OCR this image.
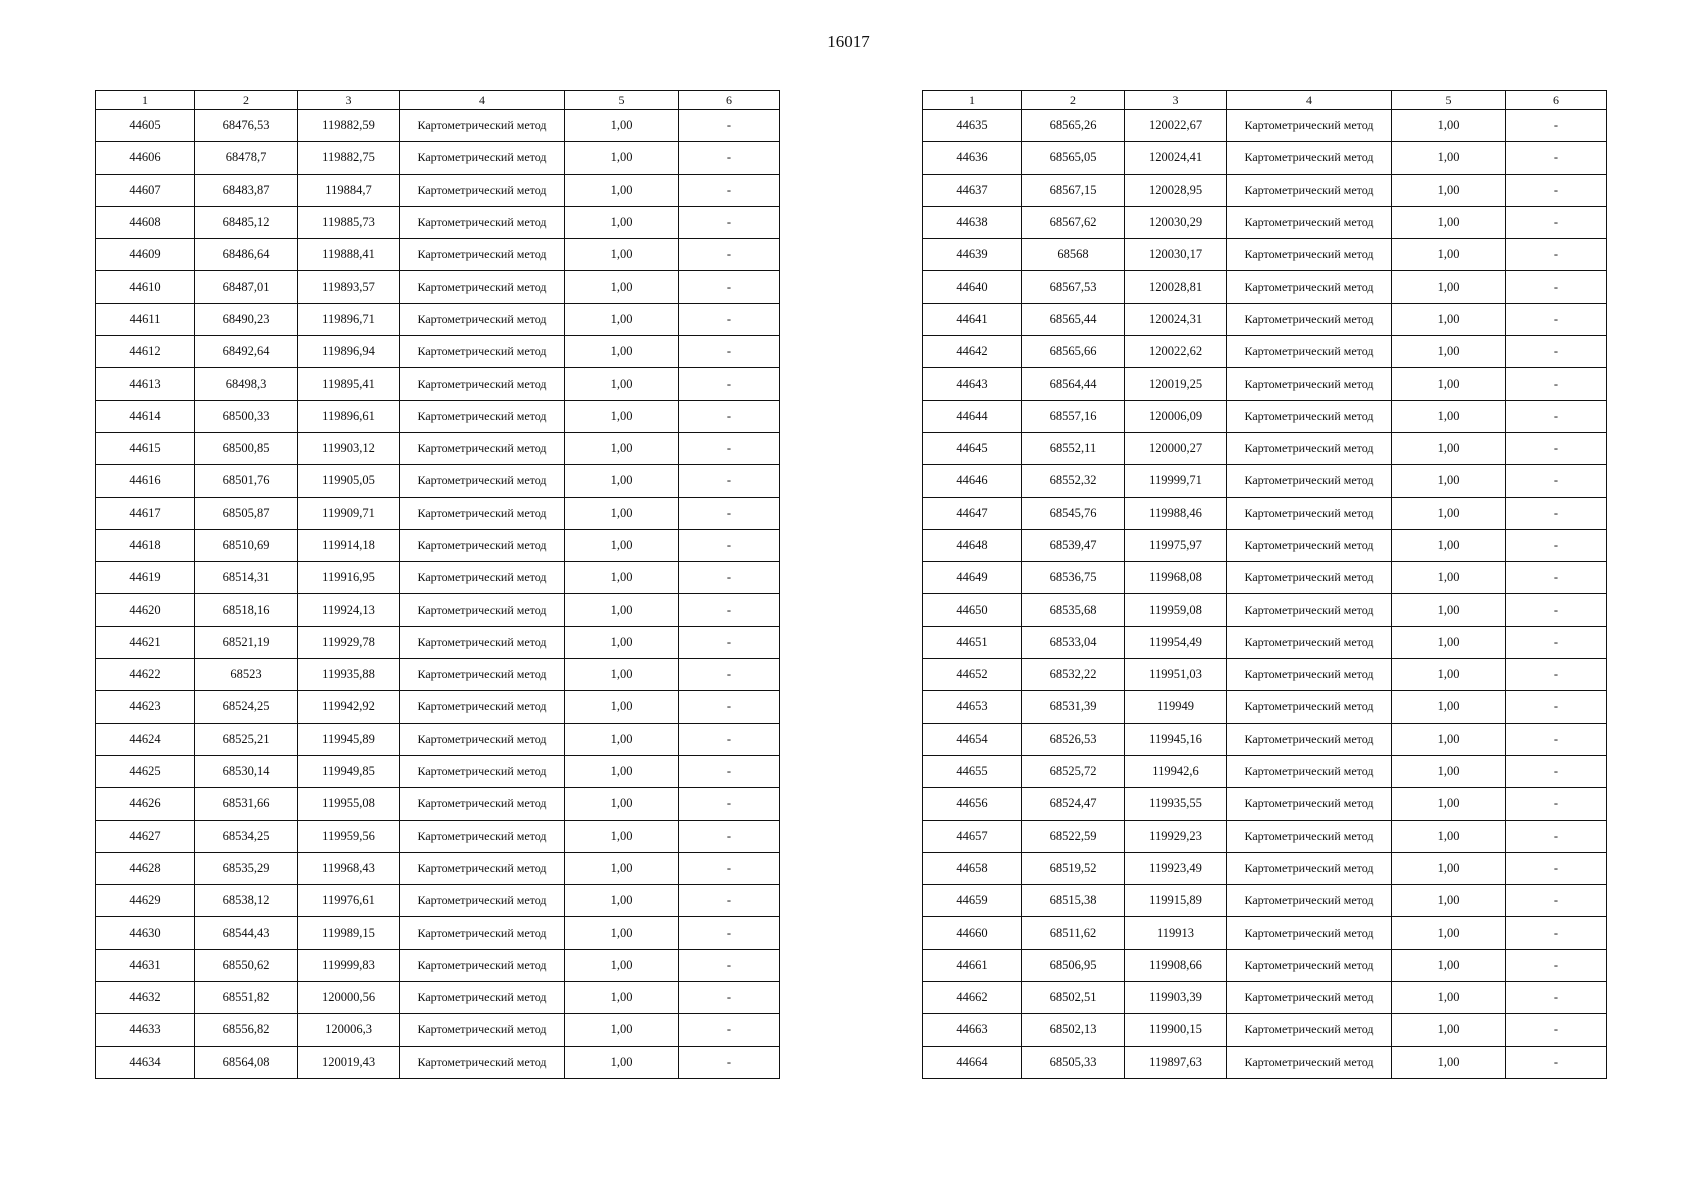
16017
1	2	3	4	5	6
44605	68476,53	119882,59	Картометрический метод	1,00	-
44606	68478,7	119882,75	Картометрический метод	1,00	-
44607	68483,87	119884,7	Картометрический метод	1,00	-
44608	68485,12	119885,73	Картометрический метод	1,00	-
44609	68486,64	119888,41	Картометрический метод	1,00	-
44610	68487,01	119893,57	Картометрический метод	1,00	-
44611	68490,23	119896,71	Картометрический метод	1,00	-
44612	68492,64	119896,94	Картометрический метод	1,00	-
44613	68498,3	119895,41	Картометрический метод	1,00	-
44614	68500,33	119896,61	Картометрический метод	1,00	-
44615	68500,85	119903,12	Картометрический метод	1,00	-
44616	68501,76	119905,05	Картометрический метод	1,00	-
44617	68505,87	119909,71	Картометрический метод	1,00	-
44618	68510,69	119914,18	Картометрический метод	1,00	-
44619	68514,31	119916,95	Картометрический метод	1,00	-
44620	68518,16	119924,13	Картометрический метод	1,00	-
44621	68521,19	119929,78	Картометрический метод	1,00	-
44622	68523	119935,88	Картометрический метод	1,00	-
44623	68524,25	119942,92	Картометрический метод	1,00	-
44624	68525,21	119945,89	Картометрический метод	1,00	-
44625	68530,14	119949,85	Картометрический метод	1,00	-
44626	68531,66	119955,08	Картометрический метод	1,00	-
44627	68534,25	119959,56	Картометрический метод	1,00	-
44628	68535,29	119968,43	Картометрический метод	1,00	-
44629	68538,12	119976,61	Картометрический метод	1,00	-
44630	68544,43	119989,15	Картометрический метод	1,00	-
44631	68550,62	119999,83	Картометрический метод	1,00	-
44632	68551,82	120000,56	Картометрический метод	1,00	-
44633	68556,82	120006,3	Картометрический метод	1,00	-
44634	68564,08	120019,43	Картометрический метод	1,00	-
1	2	3	4	5	6
44635	68565,26	120022,67	Картометрический метод	1,00	-
44636	68565,05	120024,41	Картометрический метод	1,00	-
44637	68567,15	120028,95	Картометрический метод	1,00	-
44638	68567,62	120030,29	Картометрический метод	1,00	-
44639	68568	120030,17	Картометрический метод	1,00	-
44640	68567,53	120028,81	Картометрический метод	1,00	-
44641	68565,44	120024,31	Картометрический метод	1,00	-
44642	68565,66	120022,62	Картометрический метод	1,00	-
44643	68564,44	120019,25	Картометрический метод	1,00	-
44644	68557,16	120006,09	Картометрический метод	1,00	-
44645	68552,11	120000,27	Картометрический метод	1,00	-
44646	68552,32	119999,71	Картометрический метод	1,00	-
44647	68545,76	119988,46	Картометрический метод	1,00	-
44648	68539,47	119975,97	Картометрический метод	1,00	-
44649	68536,75	119968,08	Картометрический метод	1,00	-
44650	68535,68	119959,08	Картометрический метод	1,00	-
44651	68533,04	119954,49	Картометрический метод	1,00	-
44652	68532,22	119951,03	Картометрический метод	1,00	-
44653	68531,39	119949	Картометрический метод	1,00	-
44654	68526,53	119945,16	Картометрический метод	1,00	-
44655	68525,72	119942,6	Картометрический метод	1,00	-
44656	68524,47	119935,55	Картометрический метод	1,00	-
44657	68522,59	119929,23	Картометрический метод	1,00	-
44658	68519,52	119923,49	Картометрический метод	1,00	-
44659	68515,38	119915,89	Картометрический метод	1,00	-
44660	68511,62	119913	Картометрический метод	1,00	-
44661	68506,95	119908,66	Картометрический метод	1,00	-
44662	68502,51	119903,39	Картометрический метод	1,00	-
44663	68502,13	119900,15	Картометрический метод	1,00	-
44664	68505,33	119897,63	Картометрический метод	1,00	-
